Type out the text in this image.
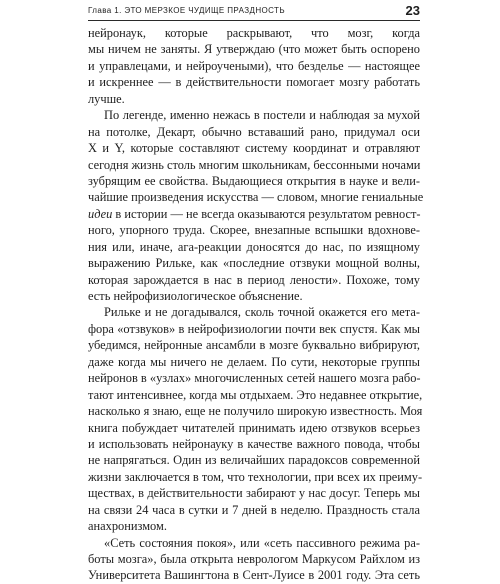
Глава 1. ЭТО МЕРЗКОЕ ЧУДИЩЕ ПРАЗДНОСТЬ	23
нейронаук, которые раскрывают, что мозг, когда
мы ничем не заняты. Я утверждаю (что может быть оспорено
и управлецами, и нейроучеными), что безделье — настоящее
и искреннее — в действительности помогает мозгу работать
лучше.
По легенде, именно нежась в постели и наблюдая за мухой
на потолке, Декарт, обычно вставаший рано, придумал оси
X и Y, которые составляют систему координат и отравляют
сегодня жизнь столь многим школьникам, бессонными ночами
зубрящим ее свойства. Выдающиеся открытия в науке и вели-
чайшие произведения искусства — словом, многие гениальные
идеи в истории — не всегда оказываются результатом ревност-
ного, упорного труда. Скорее, внезапные вспышки вдохнове-
ния или, иначе, ага-реакции доносятся до нас, по изящному
выражению Рильке, как «последние отзвуки мощной волны,
которая зарождается в нас в период лености». Похоже, тому
есть нейрофизиологическое объяснение.
Рильке и не догадывался, сколь точной окажется его мета-
фора «отзвуков» в нейрофизиологии почти век спустя. Как мы
убедимся, нейронные ансамбли в мозге буквально вибрируют,
даже когда мы ничего не делаем. По сути, некоторые группы
нейронов в «узлах» многочисленных сетей нашего мозга рабо-
тают интенсивнее, когда мы отдыхаем. Это недавнее открытие,
насколько я знаю, еще не получило широкую известность. Моя
книга побуждает читателей принимать идею отзвуков всерьез
и использовать нейронауку в качестве важного повода, чтобы
не напрягаться. Один из величайших парадоксов современной
жизни заключается в том, что технологии, при всех их преиму-
ществах, в действительности забирают у нас досуг. Теперь мы
на связи 24 часа в сутки и 7 дней в неделю. Праздность стала
анахронизмом.
«Сеть состояния покоя», или «сеть пассивного режима ра-
боты мозга», была открыта неврологом Маркусом Райхлом из
Университета Вашингтона в Сент-Луисе в 2001 году. Эта сеть
